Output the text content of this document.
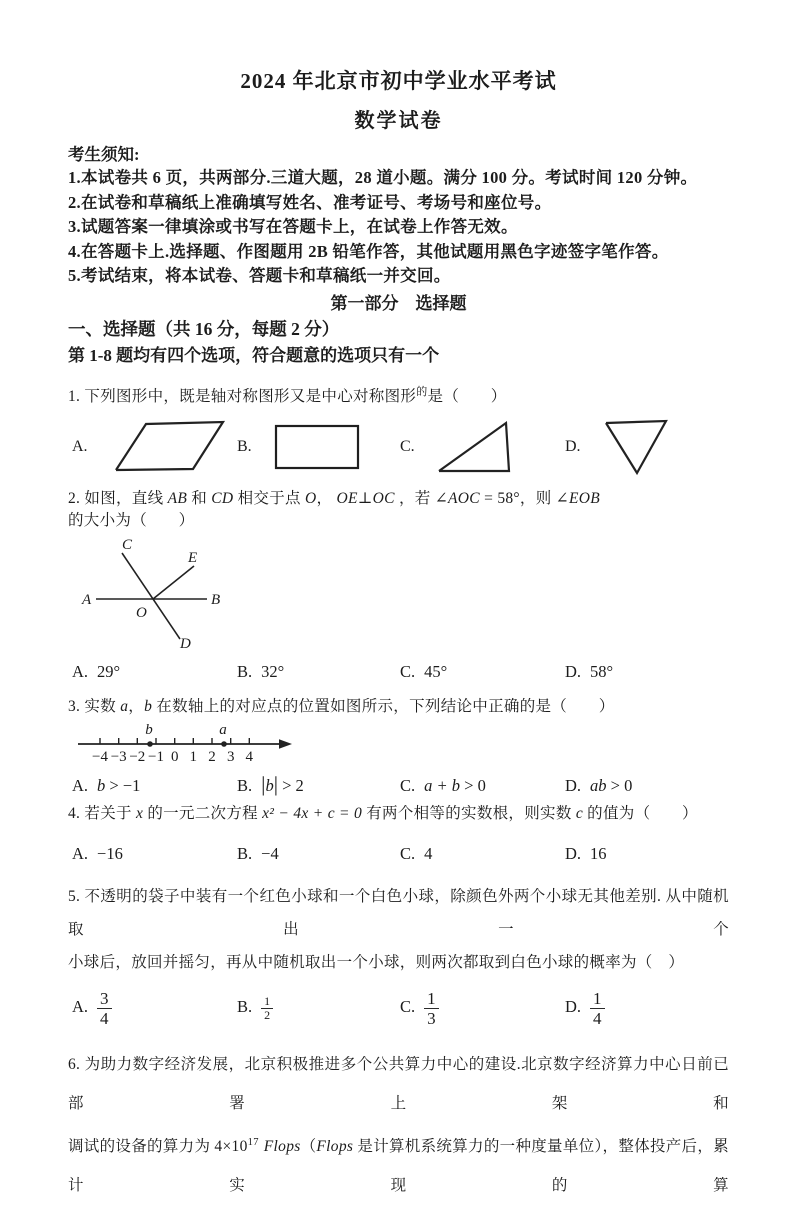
2024 年北京市初中学业水平考试
数学试卷
考生须知:
1.本试卷共 6 页，共两部分.三道大题，28 道小题。满分 100 分。考试时间 120 分钟。
2.在试卷和草稿纸上准确填写姓名、准考证号、考场号和座位号。
3.试题答案一律填涂或书写在答题卡上，在试卷上作答无效。
4.在答题卡上.选择题、作图题用 2B 铅笔作答，其他试题用黑色字迹签字笔作答。
5.考试结束，将本试卷、答题卡和草稿纸一并交回。
第一部分　选择题
一、选择题（共 16 分，每题 2 分）
第 1-8 题均有四个选项，符合题意的选项只有一个
1. 下列图形中，既是轴对称图形又是中心对称图形$^的$是（　　）
A.	B.	C.	D.
2. 如图，直线 AB 和 CD 相交于点 O， OE⊥OC ，若 ∠AOC = 58°，则 ∠EOB 的大小为（　　）
C
E
A	B
O
D
A. 29°	B. 32°	C. 45°	D. 58°
3. 实数 a，b 在数轴上的对应点的位置如图所示，下列结论中正确的是（　　）
−4 −3 −2 −1 0 1 2 3 4
b	a
A. b > −1	B. |b| > 2	C. a + b > 0	D. ab > 0
4. 若关于 x 的一元二次方程 x² − 4x + c = 0 有两个相等的实数根，则实数 c 的值为（　　）
A. −16	B. −4	C. 4	D. 16
5. 不透明的袋子中装有一个红色小球和一个白色小球，除颜色外两个小球无其他差别. 从中随机取出一个
小球后，放回并摇匀，再从中随机取出一个小球，则两次都取到白色小球的概率为（　）
A. $\frac{3}{4}$	B. $\frac{1}{2}$	C. $\frac{1}{3}$	D. $\frac{1}{4}$
6. 为助力数字经济发展，北京积极推进多个公共算力中心的建设.北京数字经济算力中心日前已部署上架和
调试的设备的算力为 $4\times 10^{17}$ Flops（Flops 是计算机系统算力的一种度量单位），整体投产后，累计实现的算
